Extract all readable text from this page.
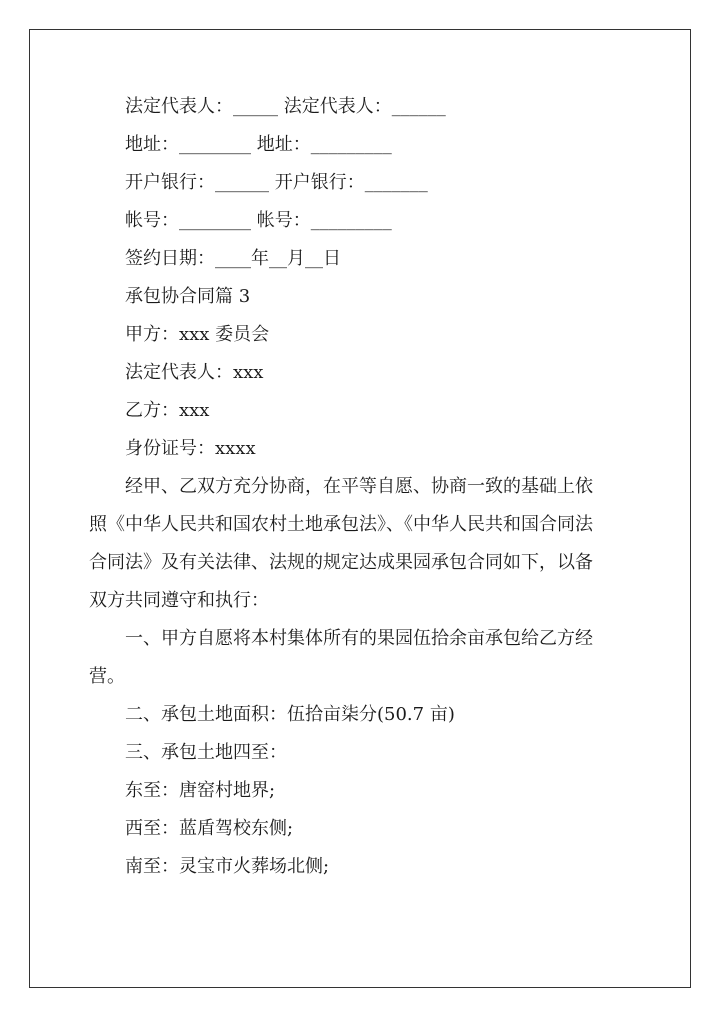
法定代表人：_____ 法定代表人：______
地址：________ 地址：_________
开户银行：______ 开户银行：_______
帐号：________ 帐号：_________
签约日期：____年__月__日
承包协合同篇 3
甲方：xxx 委员会
法定代表人：xxx
乙方：xxx
身份证号：xxxx
经甲、乙双方充分协商，在平等自愿、协商一致的基础上依
照《中华人民共和国农村土地承包法》、《中华人民共和国合同法
合同法》及有关法律、法规的规定达成果园承包合同如下，以备
双方共同遵守和执行：
一、甲方自愿将本村集体所有的果园伍拾余亩承包给乙方经
营。
二、承包土地面积：伍拾亩柒分(50.7 亩)
三、承包土地四至：
东至：唐窑村地界;
西至：蓝盾驾校东侧;
南至：灵宝市火葬场北侧;
